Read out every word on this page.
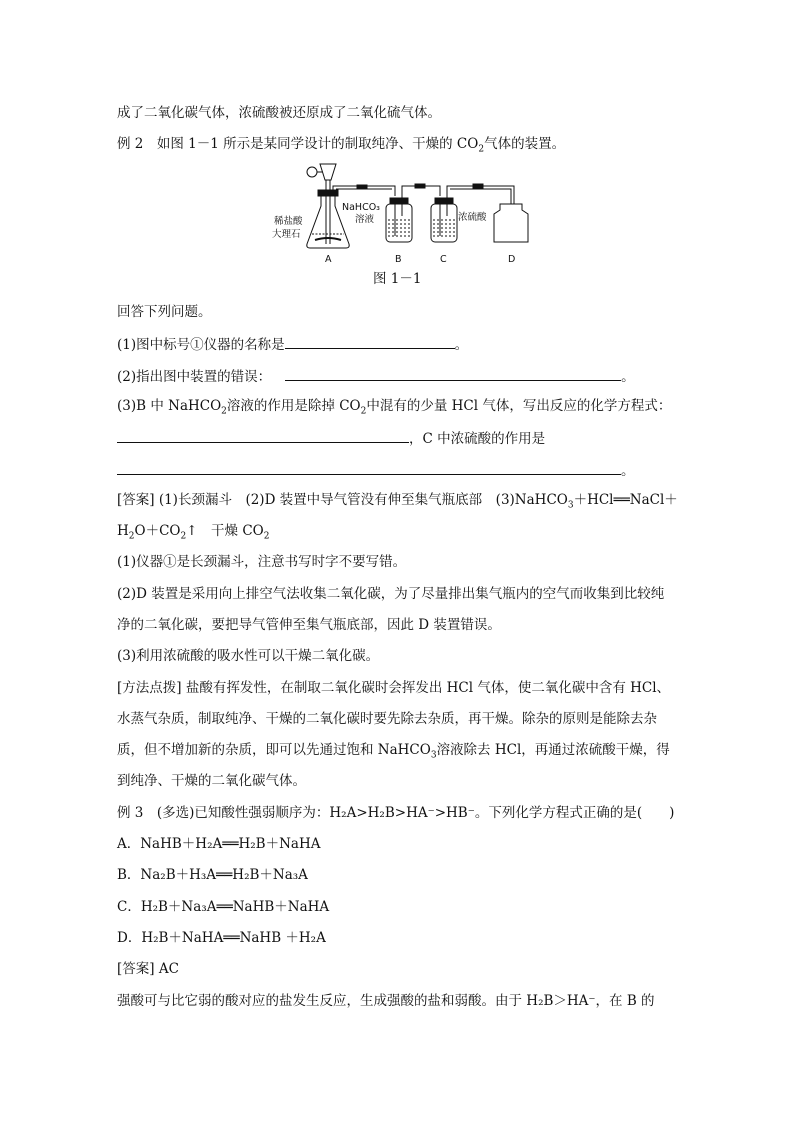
成了二氧化碳气体，浓硫酸被还原成了二氧化硫气体。
例 2　如图 1－1 所示是某同学设计的制取纯净、干燥的 $CO_2$气体的装置。
稀盐酸
大理石
NaHCO₃
溶液	浓硫酸
A	B	C	D
图 1－1
回答下列问题。
(1)图中标号①仪器的名称是	。
(2)指出图中装置的错误：	。
(3)B 中 NaHCO$_2$溶液的作用是除掉 $CO_2$中混有的少量 HCl 气体，写出反应的化学方程式：
，C 中浓硫酸的作用是
。
[答案] (1)长颈漏斗　(2)D 装置中导气管没有伸至集气瓶底部　(3)NaHCO$_3$＋HCl══NaCl＋
$H_2O+CO_2↑$　干燥 $CO_2$
(1)仪器①是长颈漏斗，注意书写时字不要写错。
(2)D 装置是采用向上排空气法收集二氧化碳，为了尽量排出集气瓶内的空气而收集到比较纯
净的二氧化碳，要把导气管伸至集气瓶底部，因此 D 装置错误。
(3)利用浓硫酸的吸水性可以干燥二氧化碳。
[方法点拨] 盐酸有挥发性，在制取二氧化碳时会挥发出 HCl 气体，使二氧化碳中含有 HCl、
水蒸气杂质，制取纯净、干燥的二氧化碳时要先除去杂质，再干燥。除杂的原则是能除去杂
质，但不增加新的杂质，即可以先通过饱和 NaHCO$_3$溶液除去 HCl，再通过浓硫酸干燥，得
到纯净、干燥的二氧化碳气体。
例 3　(多选)已知酸性强弱顺序为：H₂A>H₂B>HA⁻>HB⁻。下列化学方程式正确的是(　　)
A．NaHB＋H₂A══H₂B＋NaHA
B．Na₂B＋H₃A══H₂B＋Na₃A
C．H₂B＋Na₃A══NaHB＋NaHA
D．H₂B＋NaHA══NaHB ＋H₂A
[答案] AC
强酸可与比它弱的酸对应的盐发生反应，生成强酸的盐和弱酸。由于 H₂B＞HA⁻，在 B 的
